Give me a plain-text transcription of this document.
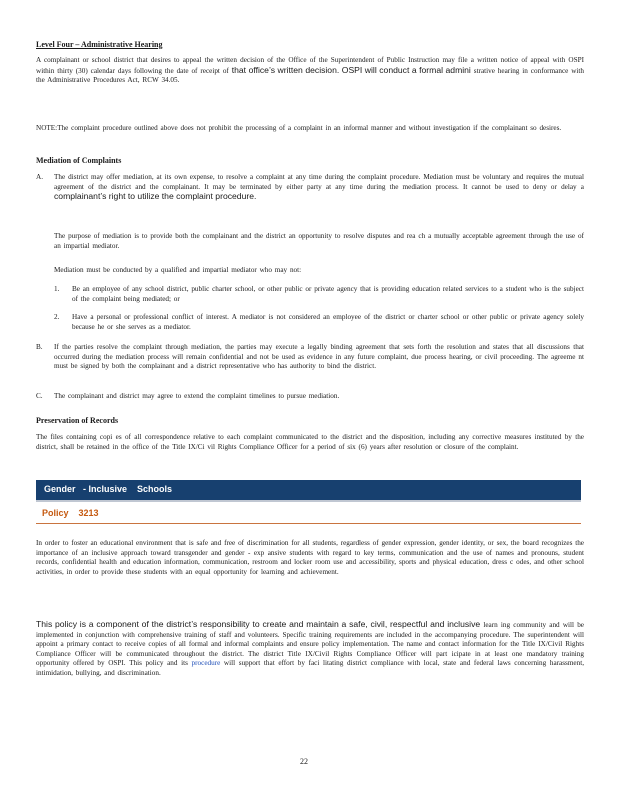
Level Four – Administrative Hearing

A complainant or school district that desires to appeal the written decision of the Office of the Superintendent of Public Instruction may file a written notice of appeal with OSPI within thirty (30) calendar days following the date of receipt of that office’s written decision. OSPI will conduct a formal admini strative hearing in conformance with the Administrative Procedures Act, RCW 34.05.

NOTE:The complaint procedure outlined above does not prohibit the processing of a complaint in an informal manner and without investigation if the complainant so desires.

Mediation of Complaints

A. The district may offer mediation, at its own expense, to resolve a complaint at any time during the complaint procedure. Mediation must be voluntary and requires the mutual agreement of the district and the complainant. It may be terminated by either party at any time during the mediation process. It cannot be used to deny or delay a complainant’s right to utilize the complaint procedure.

The purpose of mediation is to provide both the complainant and the district an opportunity to resolve disputes and rea ch a mutually acceptable agreement through the use of an impartial mediator.

Mediation must be conducted by a qualified and impartial mediator who may not:

1. Be an employee of any school district, public charter school, or other public or private agency that is providing education related services to a student who is the subject of the complaint being mediated; or

2. Have a personal or professional conflict of interest. A mediator is not considered an employee of the district or charter school or other public or private agency solely because he or she serves as a mediator.

B. If the parties resolve the complaint through mediation, the parties may execute a legally binding agreement that sets forth the resolution and states that all discussions that occurred during the mediation process will remain confidential and not be used as evidence in any future complaint, due process hearing, or civil proceeding. The agreeme nt must be signed by both the complainant and a district representative who has authority to bind the district.

C. The complainant and district may agree to extend the complaint timelines to pursue mediation.

Preservation of Records

The files containing copi es of all correspondence relative to each complaint communicated to the district and the disposition, including any corrective measures instituted by the district, shall be retained in the office of the Title IX/Ci vil Rights Compliance Officer for a period of six (6) years after resolution or closure of the complaint.

Gender   - Inclusive    Schools
Policy    3213

In order to foster an educational environment that is safe and free of discrimination for all students, regardless of gender expression, gender identity, or sex, the board recognizes the importance of an inclusive approach toward transgender and gender - exp ansive students with regard to key terms, communication and the use of names and pronouns, student records, confidential health and education information, communication, restroom and locker room use and accessibility, sports and physical education, dress c odes, and other school activities, in order to provide these students with an equal opportunity for learning and achievement.

This policy is a component of the district’s responsibility to create and maintain a safe, civil, respectful and inclusive learn ing community and will be implemented in conjunction with comprehensive training of staff and volunteers. Specific training requirements are included in the accompanying procedure. The superintendent will appoint a primary contact to receive copies of all formal and informal complaints and ensure policy implementation. The name and contact information for the Title IX/Civil Rights Compliance Officer will be communicated throughout the district. The district Title IX/Civil Rights Compliance Officer will part icipate in at least one mandatory training opportunity offered by OSPI. This policy and its procedure will support that effort by faci litating district compliance with local, state and federal laws concerning harassment, intimidation, bullying, and discrimination.

22
